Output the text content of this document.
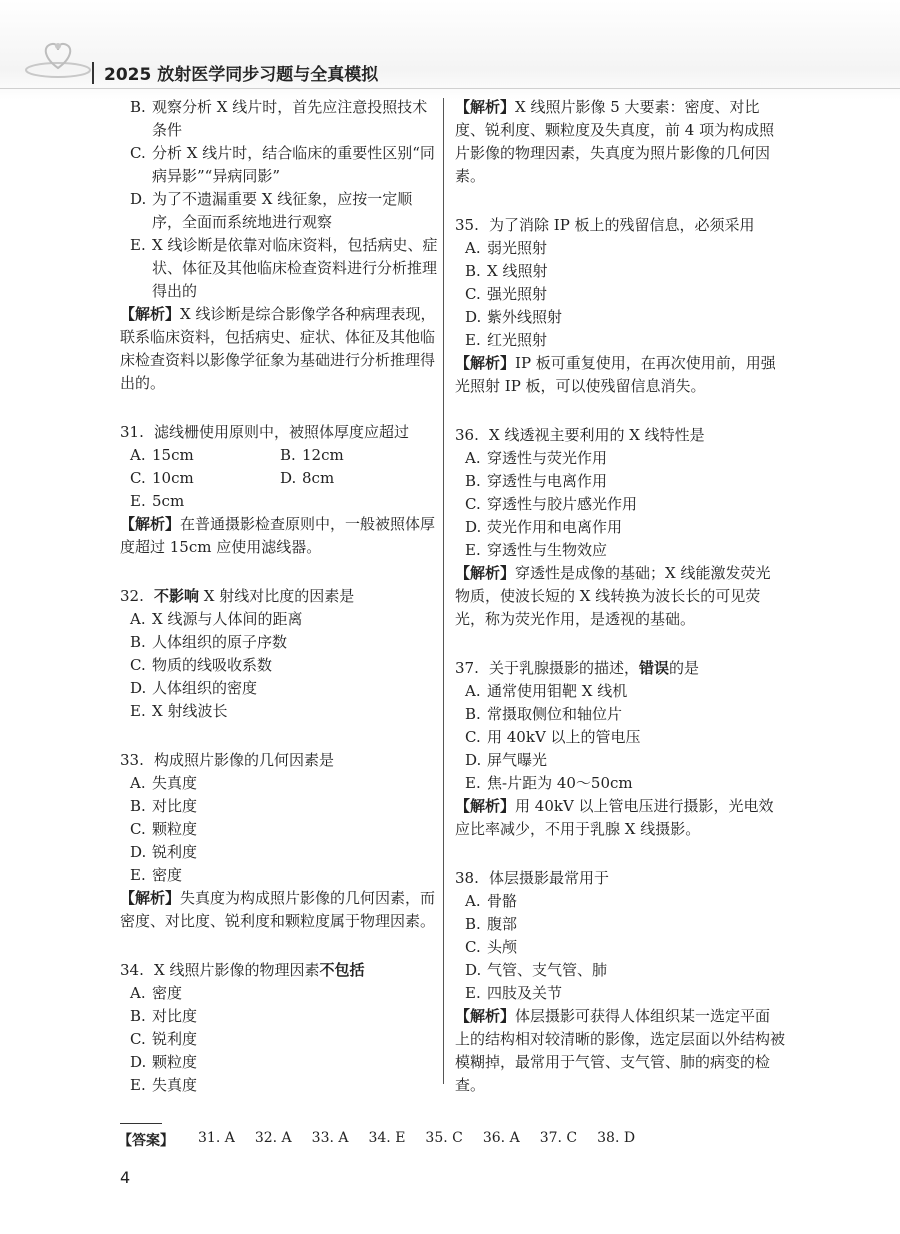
2025 放射医学同步习题与全真模拟
B. 观察分析 X 线片时，首先应注意投照技术条件
C. 分析 X 线片时，结合临床的重要性区别“同病异影”“异病同影”
D. 为了不遗漏重要 X 线征象，应按一定顺序，全面而系统地进行观察
E. X 线诊断是依靠对临床资料，包括病史、症状、体征及其他临床检查资料进行分析推理得出的
【解析】X 线诊断是综合影像学各种病理表现，联系临床资料，包括病史、症状、体征及其他临床检查资料以影像学征象为基础进行分析推理得出的。
31. 滤线栅使用原则中，被照体厚度应超过
A. 15cm	B. 12cm
C. 10cm	D. 8cm
E. 5cm
【解析】在普通摄影检查原则中，一般被照体厚度超过 15cm 应使用滤线器。
32. 不影响 X 射线对比度的因素是
A. X 线源与人体间的距离
B. 人体组织的原子序数
C. 物质的线吸收系数
D. 人体组织的密度
E. X 射线波长
33. 构成照片影像的几何因素是
A. 失真度
B. 对比度
C. 颗粒度
D. 锐利度
E. 密度
【解析】失真度为构成照片影像的几何因素，而密度、对比度、锐利度和颗粒度属于物理因素。
34. X 线照片影像的物理因素不包括
A. 密度
B. 对比度
C. 锐利度
D. 颗粒度
E. 失真度
【解析】X 线照片影像 5 大要素：密度、对比度、锐利度、颗粒度及失真度，前 4 项为构成照片影像的物理因素，失真度为照片影像的几何因素。
35. 为了消除 IP 板上的残留信息，必须采用
A. 弱光照射
B. X 线照射
C. 强光照射
D. 紫外线照射
E. 红光照射
【解析】IP 板可重复使用，在再次使用前，用强光照射 IP 板，可以使残留信息消失。
36. X 线透视主要利用的 X 线特性是
A. 穿透性与荧光作用
B. 穿透性与电离作用
C. 穿透性与胶片感光作用
D. 荧光作用和电离作用
E. 穿透性与生物效应
【解析】穿透性是成像的基础；X 线能激发荧光物质，使波长短的 X 线转换为波长长的可见荧光，称为荧光作用，是透视的基础。
37. 关于乳腺摄影的描述，错误的是
A. 通常使用钼靶 X 线机
B. 常摄取侧位和轴位片
C. 用 40kV 以上的管电压
D. 屏气曝光
E. 焦-片距为 40～50cm
【解析】用 40kV 以上管电压进行摄影，光电效应比率减少，不用于乳腺 X 线摄影。
38. 体层摄影最常用于
A. 骨骼
B. 腹部
C. 头颅
D. 气管、支气管、肺
E. 四肢及关节
【解析】体层摄影可获得人体组织某一选定平面上的结构相对较清晰的影像，选定层面以外结构被模糊掉，最常用于气管、支气管、肺的病变的检查。
【答案】 31. A 32. A 33. A 34. E 35. C 36. A 37. C 38. D
4
